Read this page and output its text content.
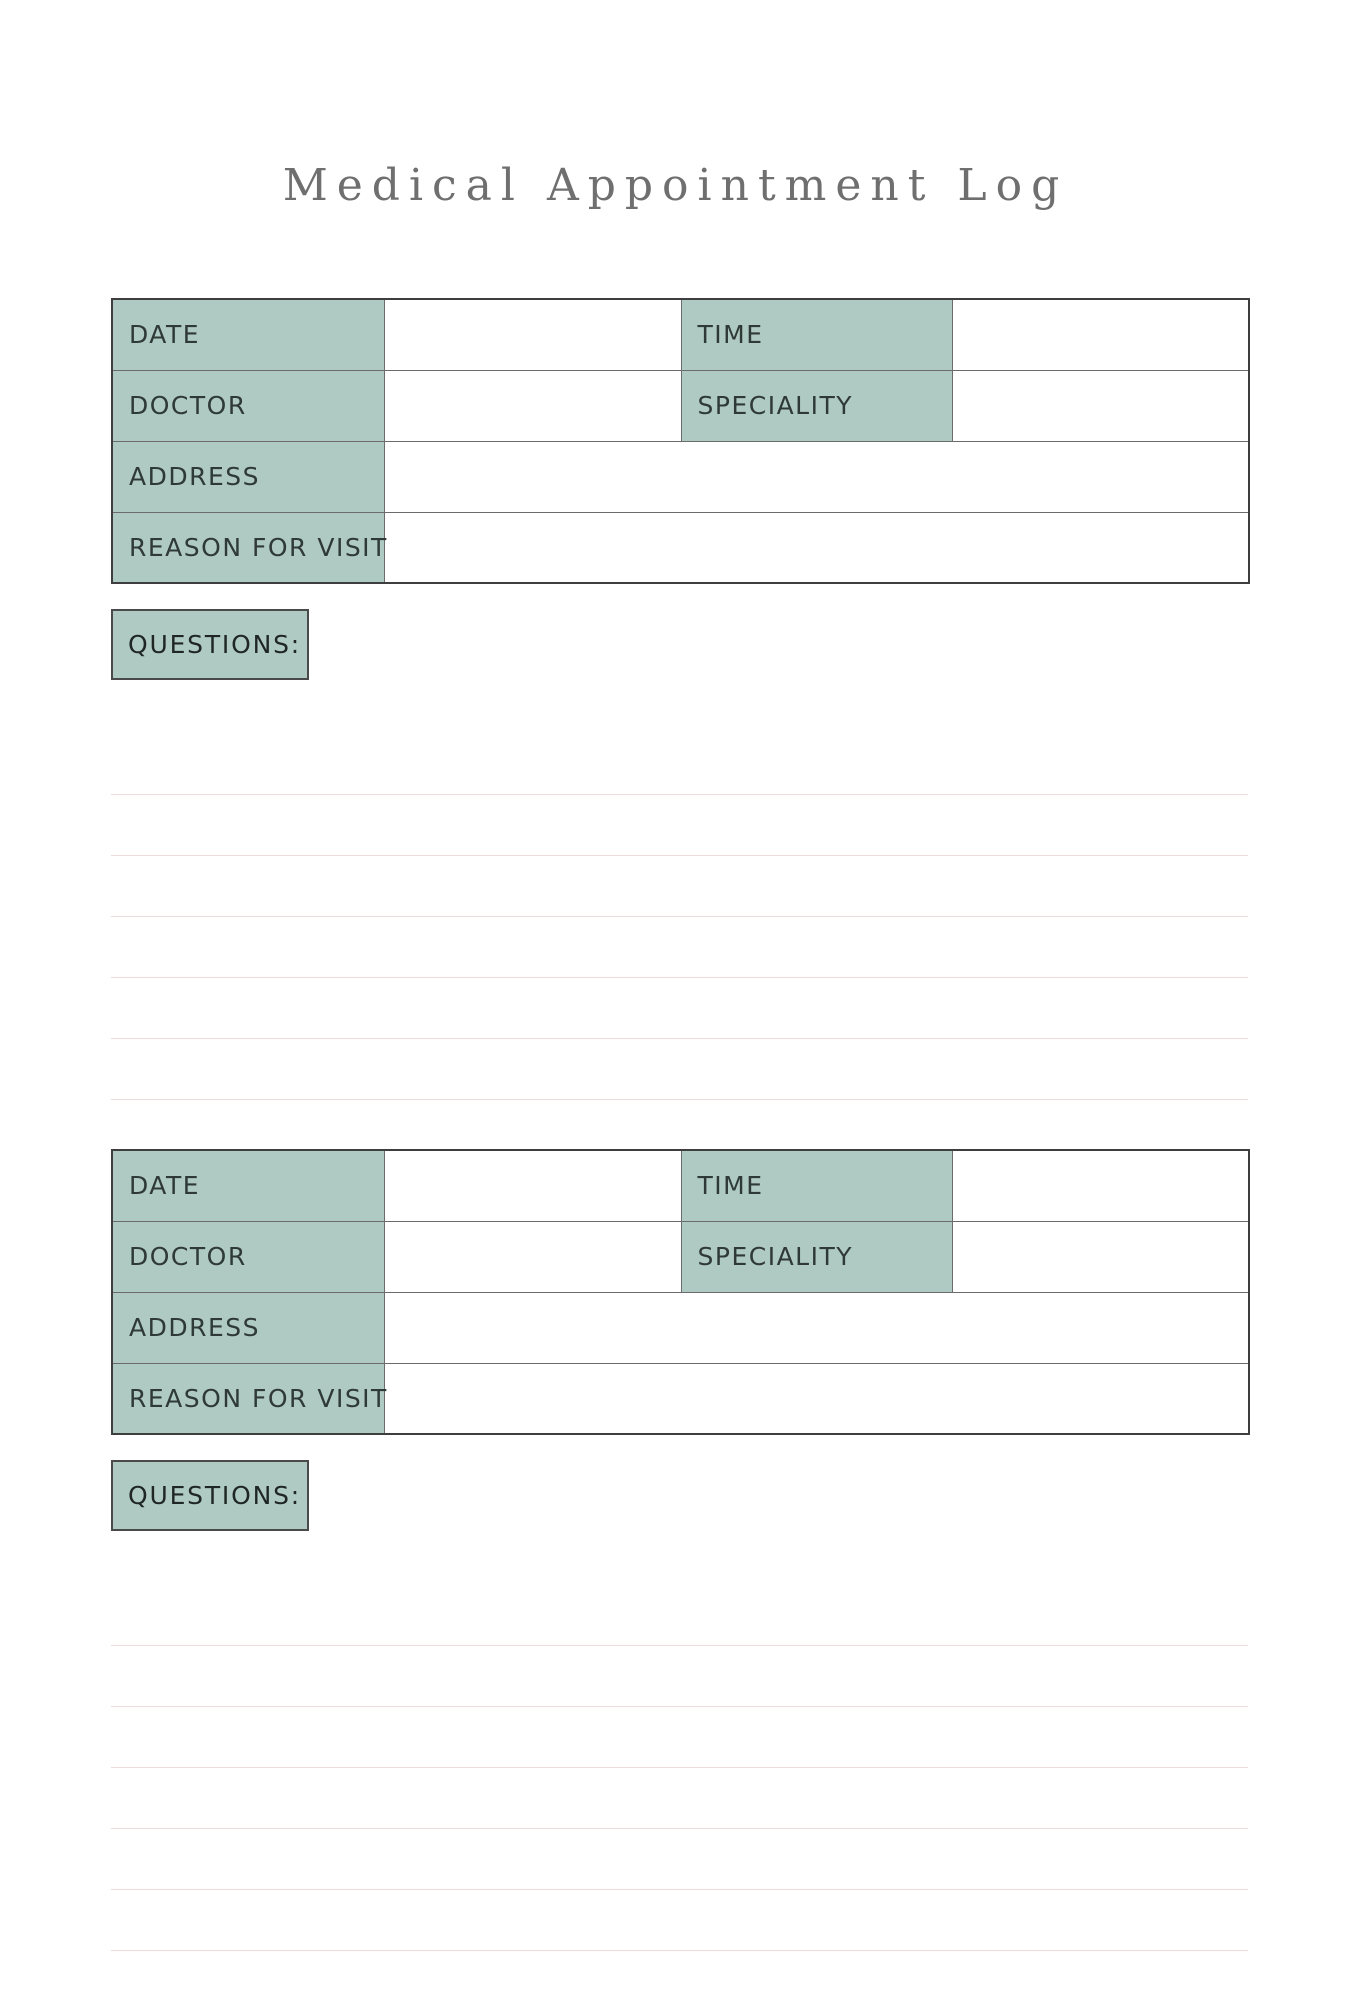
Medical Appointment Log
DATE		TIME	
DOCTOR		SPECIALITY	
ADDRESS			
REASON FOR VISIT			
QUESTIONS:
DATE		TIME	
DOCTOR		SPECIALITY	
ADDRESS			
REASON FOR VISIT			
QUESTIONS:
